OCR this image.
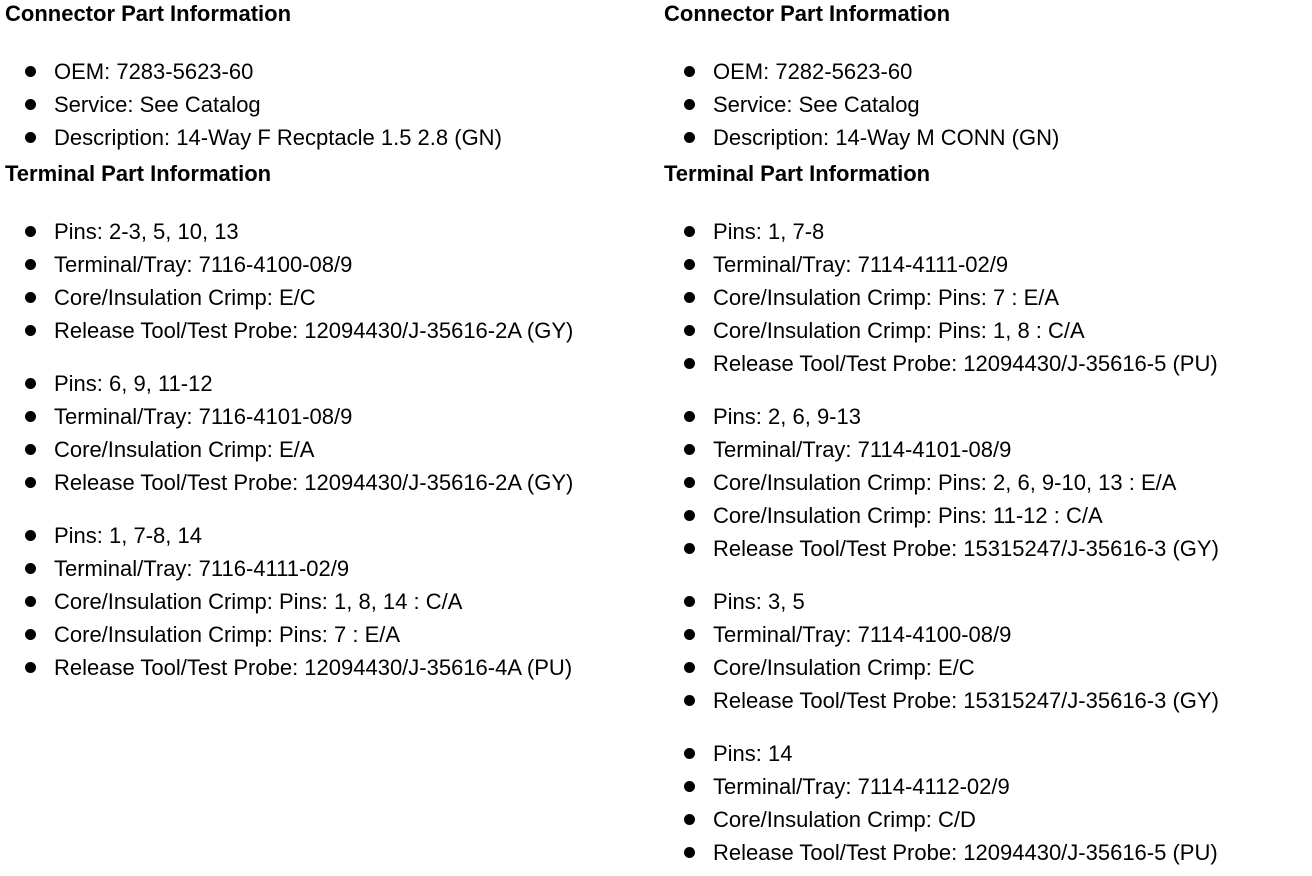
Connector Part Information
OEM: 7283-5623-60
Service: See Catalog
Description: 14-Way F Recptacle 1.5 2.8 (GN)
Terminal Part Information
Pins: 2-3, 5, 10, 13
Terminal/Tray: 7116-4100-08/9
Core/Insulation Crimp: E/C
Release Tool/Test Probe: 12094430/J-35616-2A (GY)
Pins: 6, 9, 11-12
Terminal/Tray: 7116-4101-08/9
Core/Insulation Crimp: E/A
Release Tool/Test Probe: 12094430/J-35616-2A (GY)
Pins: 1, 7-8, 14
Terminal/Tray: 7116-4111-02/9
Core/Insulation Crimp: Pins: 1, 8, 14 : C/A
Core/Insulation Crimp: Pins: 7 : E/A
Release Tool/Test Probe: 12094430/J-35616-4A (PU)
Connector Part Information
OEM: 7282-5623-60
Service: See Catalog
Description: 14-Way M CONN (GN)
Terminal Part Information
Pins: 1, 7-8
Terminal/Tray: 7114-4111-02/9
Core/Insulation Crimp: Pins: 7 : E/A
Core/Insulation Crimp: Pins: 1, 8 : C/A
Release Tool/Test Probe: 12094430/J-35616-5 (PU)
Pins: 2, 6, 9-13
Terminal/Tray: 7114-4101-08/9
Core/Insulation Crimp: Pins: 2, 6, 9-10, 13 : E/A
Core/Insulation Crimp: Pins: 11-12 : C/A
Release Tool/Test Probe: 15315247/J-35616-3 (GY)
Pins: 3, 5
Terminal/Tray: 7114-4100-08/9
Core/Insulation Crimp: E/C
Release Tool/Test Probe: 15315247/J-35616-3 (GY)
Pins: 14
Terminal/Tray: 7114-4112-02/9
Core/Insulation Crimp: C/D
Release Tool/Test Probe: 12094430/J-35616-5 (PU)
